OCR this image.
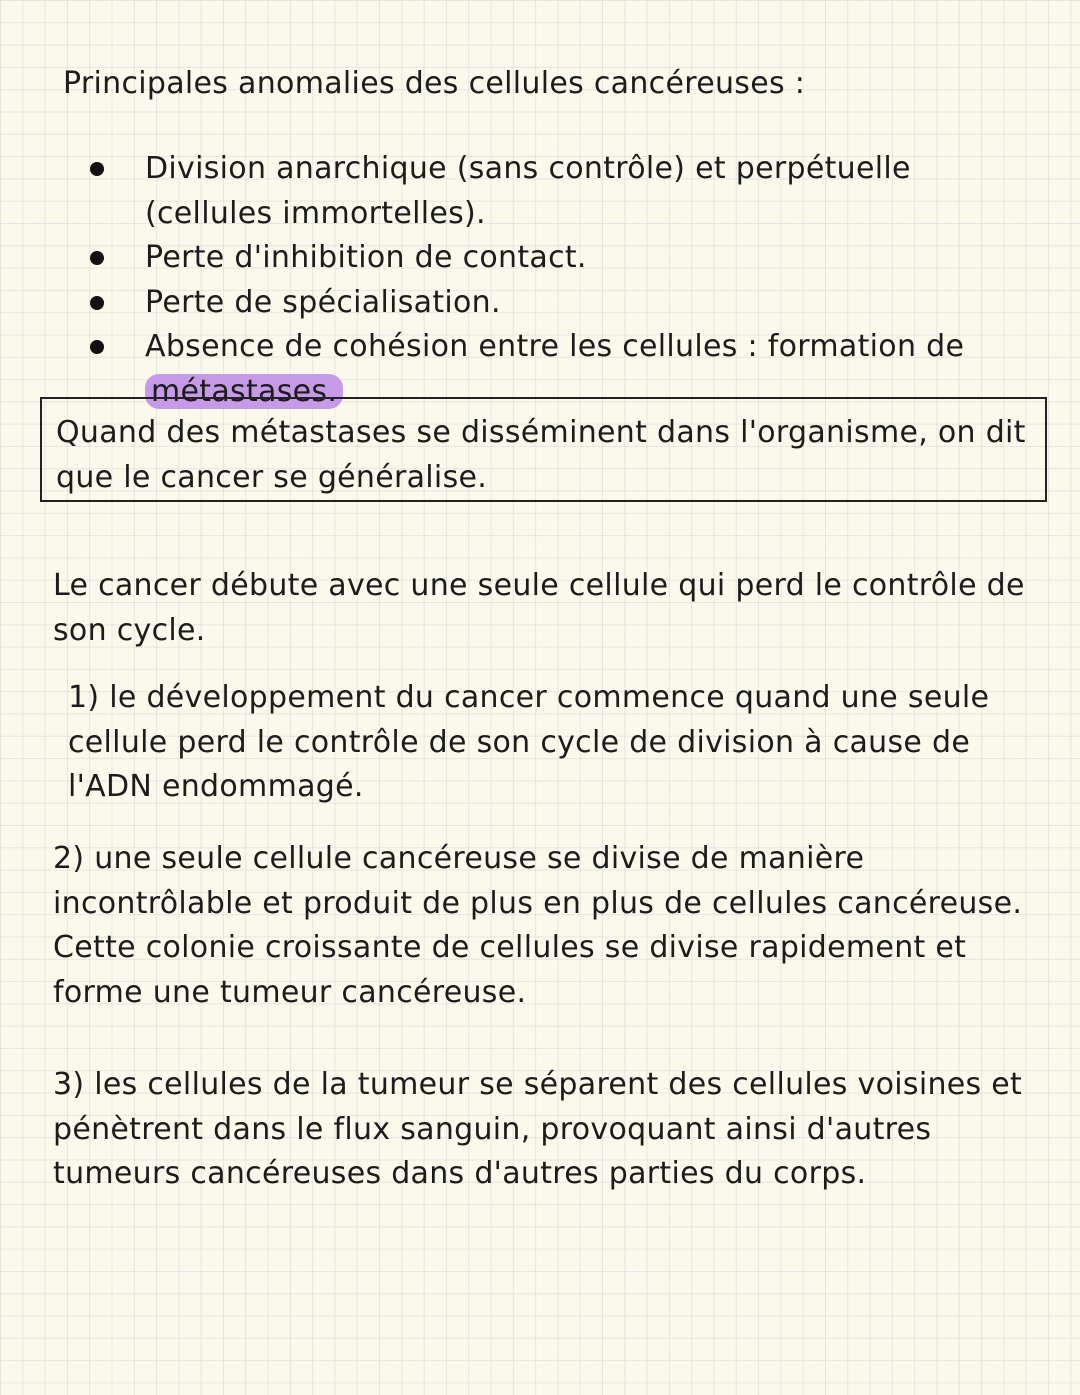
Principales anomalies des cellules cancéreuses :
Division anarchique (sans contrôle) et perpétuelle (cellules immortelles).
Perte d'inhibition de contact.
Perte de spécialisation.
Absence de cohésion entre les cellules : formation de métastases.
Quand des métastases se disséminent dans l'organisme, on dit que le cancer se généralise.

Le cancer débute avec une seule cellule qui perd le contrôle de son cycle.

1) le développement du cancer commence quand une seule cellule perd le contrôle de son cycle de division à cause de l'ADN endommagé.

2) une seule cellule cancéreuse se divise de manière incontrôlable et produit de plus en plus de cellules cancéreuse. Cette colonie croissante de cellules se divise rapidement et forme une tumeur cancéreuse.

3) les cellules de la tumeur se séparent des cellules voisines et pénètrent dans le flux sanguin, provoquant ainsi d'autres tumeurs cancéreuses dans d'autres parties du corps.
